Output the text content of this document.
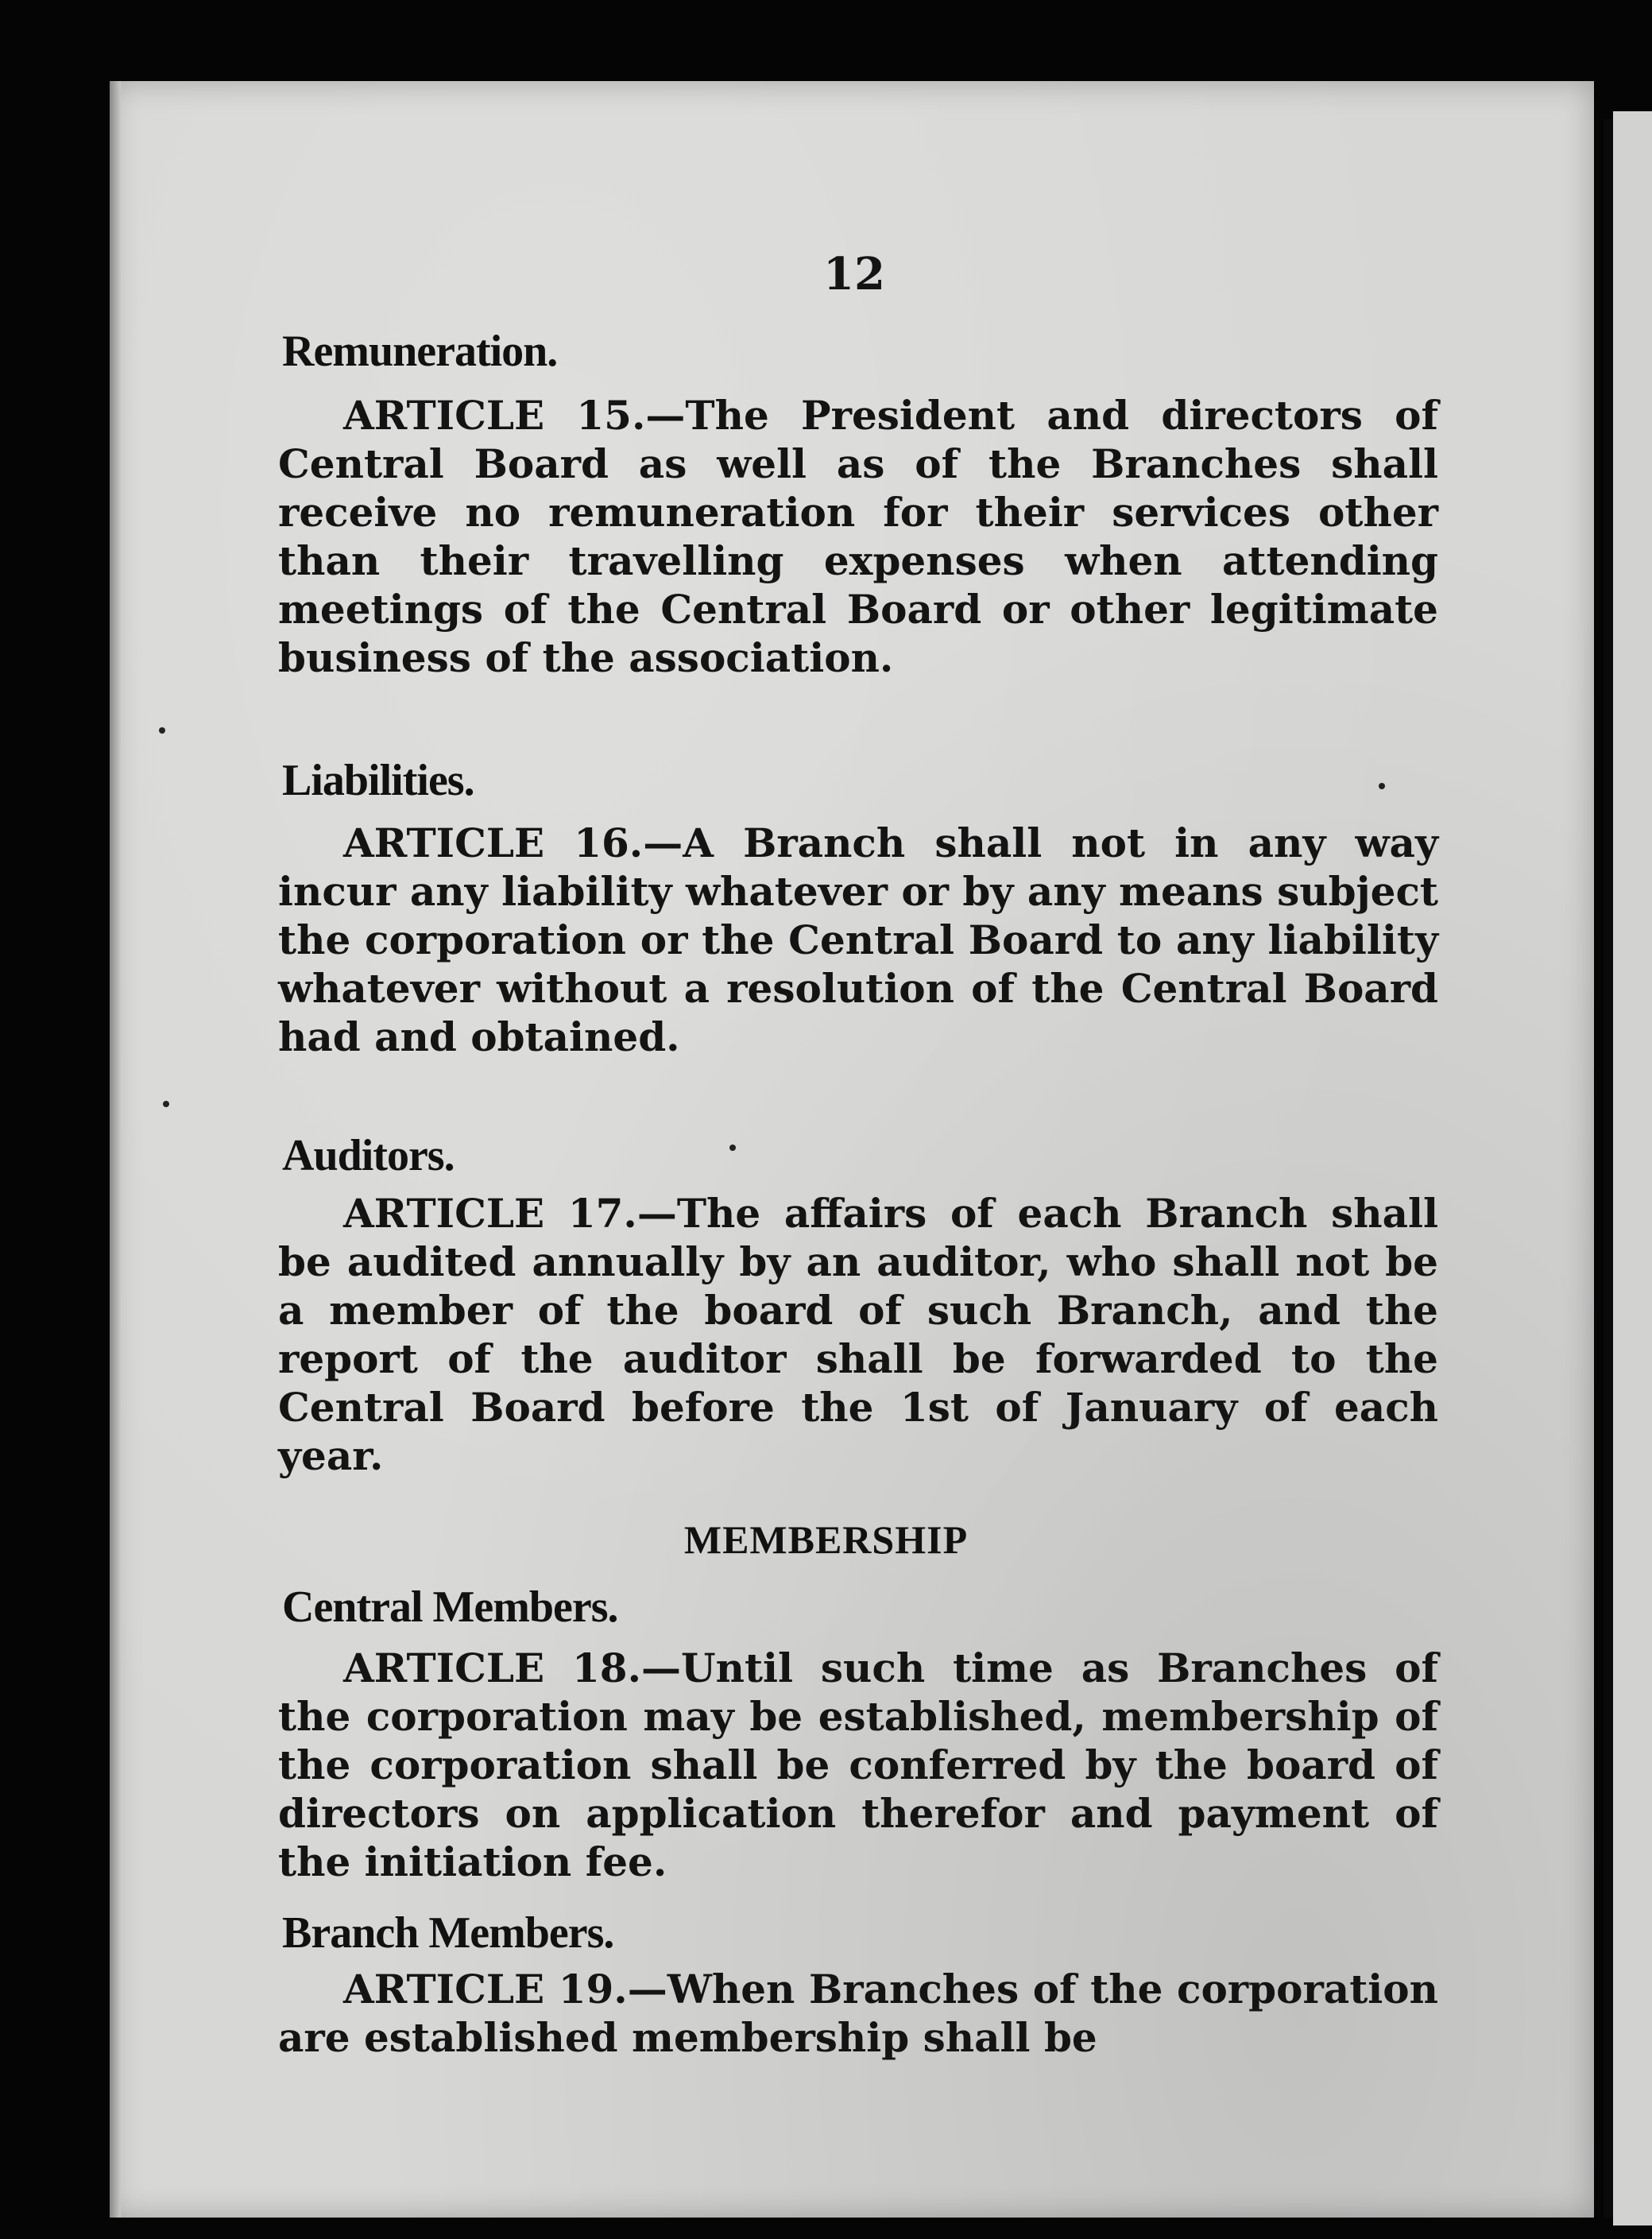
12
Remuneration.

ARTICLE 15.—The President and directors of Central Board as well as of the Branches shall receive no remuneration for their services other than their travelling expenses when attending meetings of the Central Board or other legitimate business of the association.

Liabilities.

ARTICLE 16.—A Branch shall not in any way incur any liability whatever or by any means subject the corporation or the Central Board to any liability whatever without a resolution of the Central Board had and obtained.

Auditors.

ARTICLE 17.—The affairs of each Branch shall be audited annually by an auditor, who shall not be a member of the board of such Branch, and the report of the auditor shall be forwarded to the Central Board before the 1st of January of each year.

MEMBERSHIP
Central Members.

ARTICLE 18.—Until such time as Branches of the corporation may be established, membership of the corporation shall be conferred by the board of directors on application therefor and payment of the initiation fee.

Branch Members.

ARTICLE 19.—When Branches of the corporation are established membership shall be
